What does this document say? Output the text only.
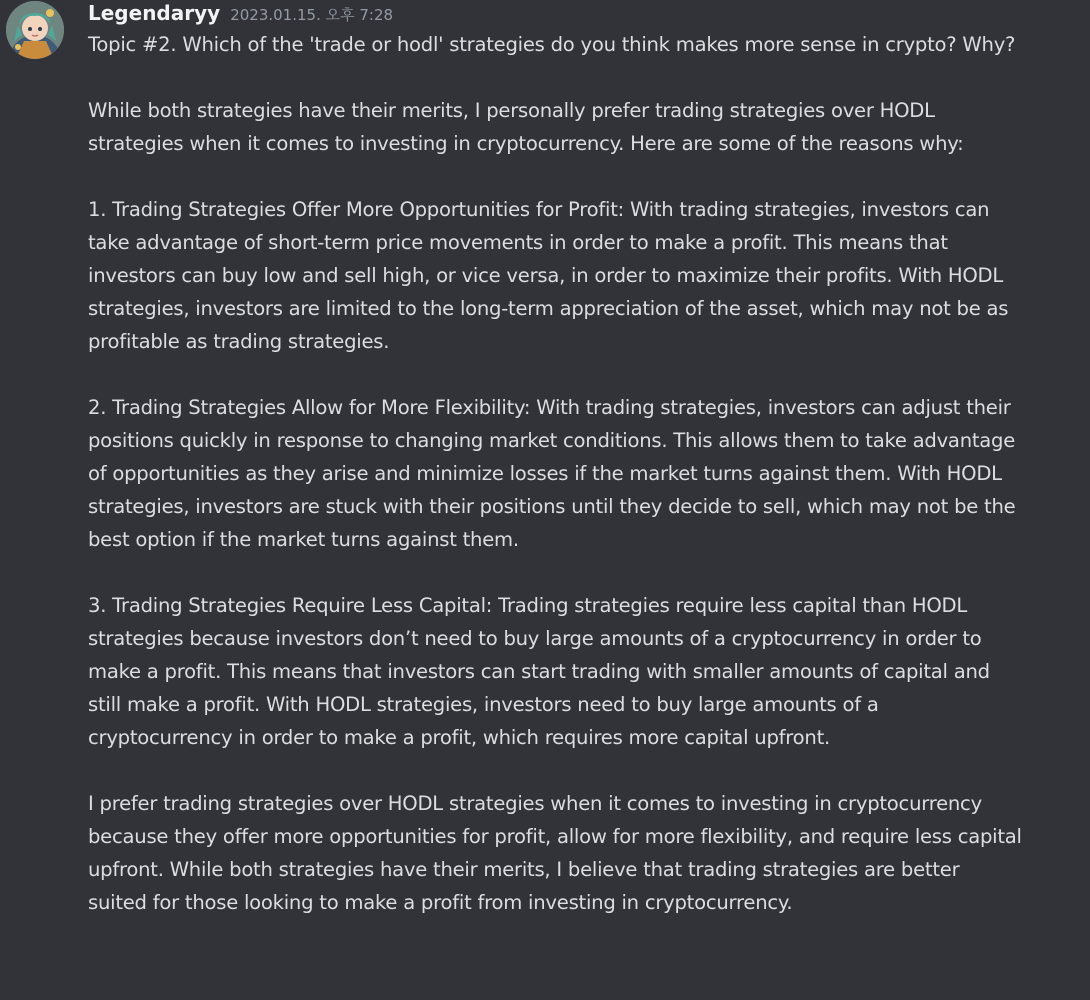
Legendaryy 2023.01.15. 오후 7:28

Topic #2. Which of the 'trade or hodl' strategies do you think makes more sense in crypto? Why?

While both strategies have their merits, I personally prefer trading strategies over HODL strategies when it comes to investing in cryptocurrency. Here are some of the reasons why:

1. Trading Strategies Offer More Opportunities for Profit: With trading strategies, investors can take advantage of short-term price movements in order to make a profit. This means that investors can buy low and sell high, or vice versa, in order to maximize their profits. With HODL strategies, investors are limited to the long-term appreciation of the asset, which may not be as profitable as trading strategies.

2. Trading Strategies Allow for More Flexibility: With trading strategies, investors can adjust their positions quickly in response to changing market conditions. This allows them to take advantage of opportunities as they arise and minimize losses if the market turns against them. With HODL strategies, investors are stuck with their positions until they decide to sell, which may not be the best option if the market turns against them.

3. Trading Strategies Require Less Capital: Trading strategies require less capital than HODL strategies because investors don’t need to buy large amounts of a cryptocurrency in order to make a profit. This means that investors can start trading with smaller amounts of capital and still make a profit. With HODL strategies, investors need to buy large amounts of a cryptocurrency in order to make a profit, which requires more capital upfront.

I prefer trading strategies over HODL strategies when it comes to investing in cryptocurrency because they offer more opportunities for profit, allow for more flexibility, and require less capital upfront. While both strategies have their merits, I believe that trading strategies are better suited for those looking to make a profit from investing in cryptocurrency.
